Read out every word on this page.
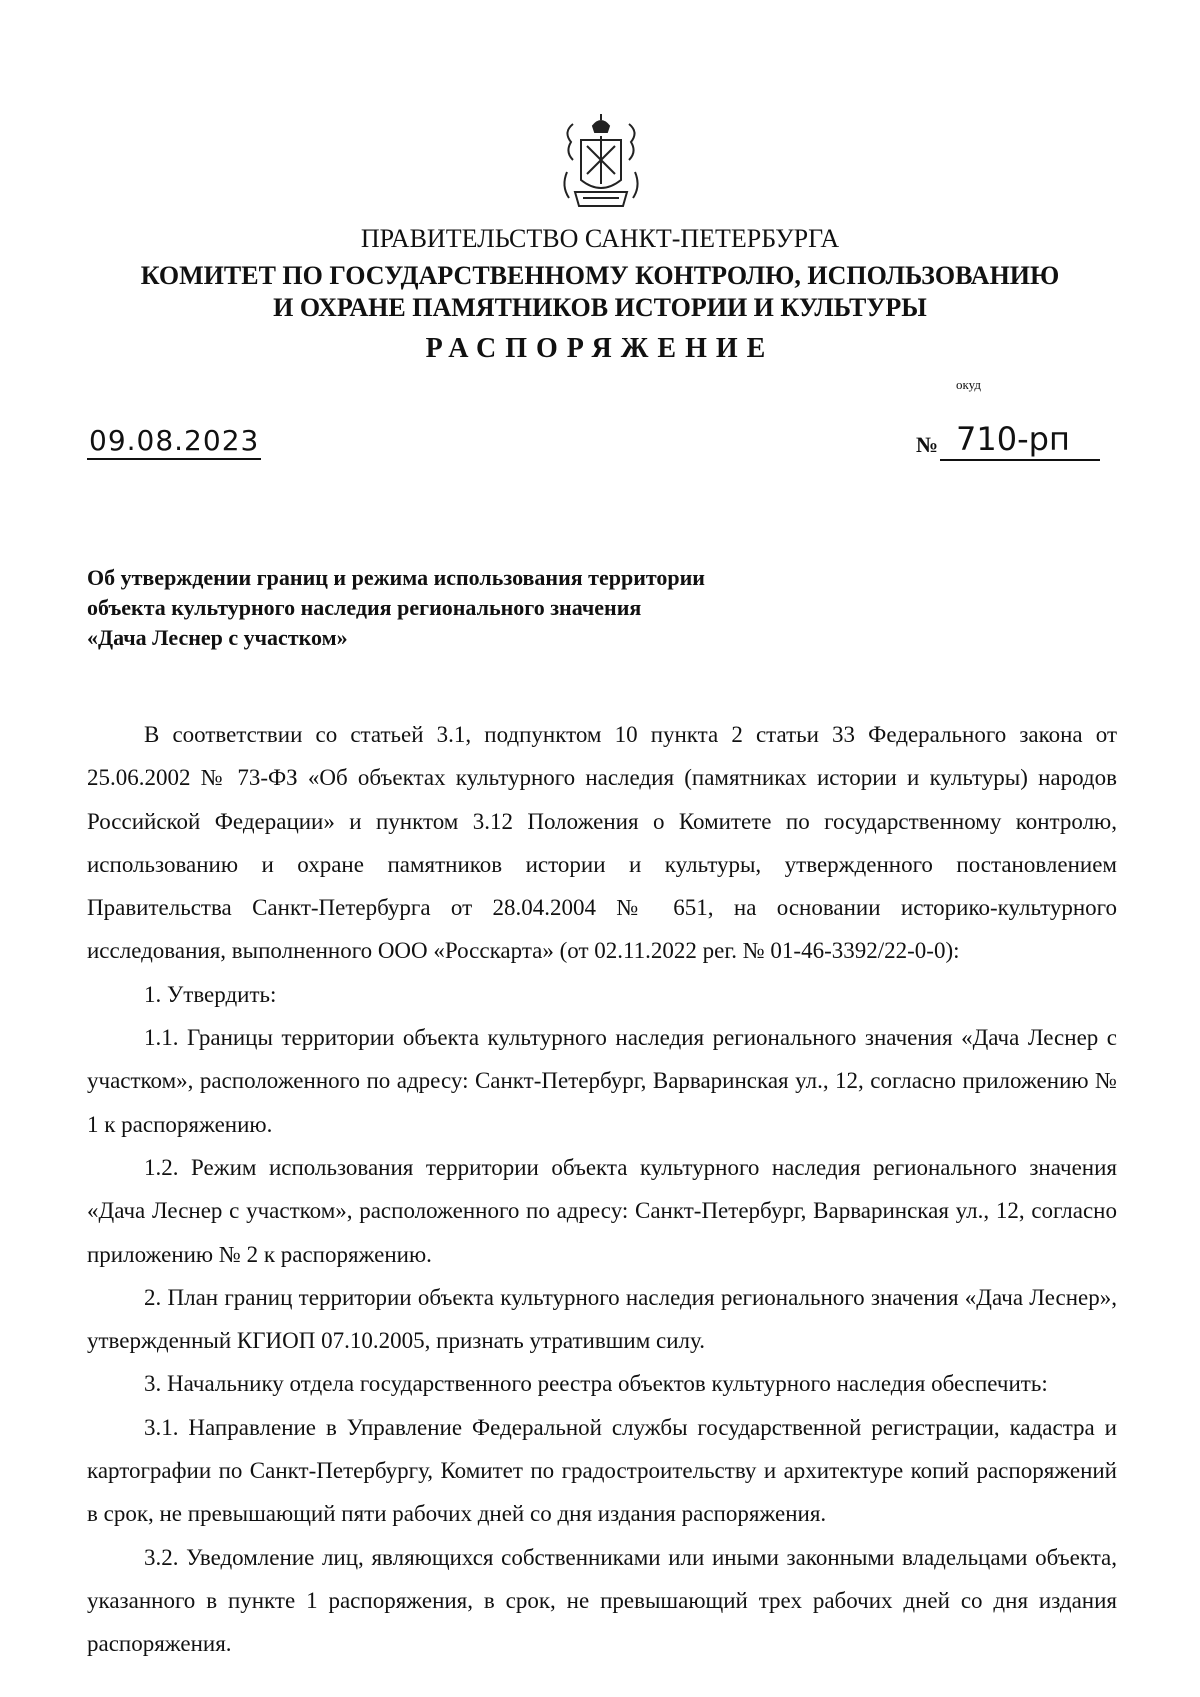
ПРАВИТЕЛЬСТВО САНКТ-ПЕТЕРБУРГА
КОМИТЕТ ПО ГОСУДАРСТВЕННОМУ КОНТРОЛЮ, ИСПОЛЬЗОВАНИЮ
И ОХРАНЕ ПАМЯТНИКОВ ИСТОРИИ И КУЛЬТУРЫ
РАСПОРЯЖЕНИЕ
окуд
09.08.2023	№ 710-рп
Об утверждении границ и режима использования территории
объекта культурного наследия регионального значения
«Дача Леснер с участком»

В соответствии со статьей 3.1, подпунктом 10 пункта 2 статьи 33 Федерального закона от 25.06.2002 № 73-ФЗ «Об объектах культурного наследия (памятниках истории и культуры) народов Российской Федерации» и пунктом 3.12 Положения о Комитете по государственному контролю, использованию и охране памятников истории и культуры, утвержденного постановлением Правительства Санкт-Петербурга от 28.04.2004 № 651, на основании историко-культурного исследования, выполненного ООО «Росскарта» (от 02.11.2022 рег. № 01-46-3392/22-0-0):

1. Утвердить:

1.1. Границы территории объекта культурного наследия регионального значения «Дача Леснер с участком», расположенного по адресу: Санкт-Петербург, Варваринская ул., 12, согласно приложению № 1 к распоряжению.

1.2. Режим использования территории объекта культурного наследия регионального значения «Дача Леснер с участком», расположенного по адресу: Санкт-Петербург, Варваринская ул., 12, согласно приложению № 2 к распоряжению.

2. План границ территории объекта культурного наследия регионального значения «Дача Леснер», утвержденный КГИОП 07.10.2005, признать утратившим силу.

3. Начальнику отдела государственного реестра объектов культурного наследия обеспечить:

3.1. Направление в Управление Федеральной службы государственной регистрации, кадастра и картографии по Санкт-Петербургу, Комитет по градостроительству и архитектуре копий распоряжений в срок, не превышающий пяти рабочих дней со дня издания распоряжения.

3.2. Уведомление лиц, являющихся собственниками или иными законными владельцами объекта, указанного в пункте 1 распоряжения, в срок, не превышающий трех рабочих дней со дня издания распоряжения.
